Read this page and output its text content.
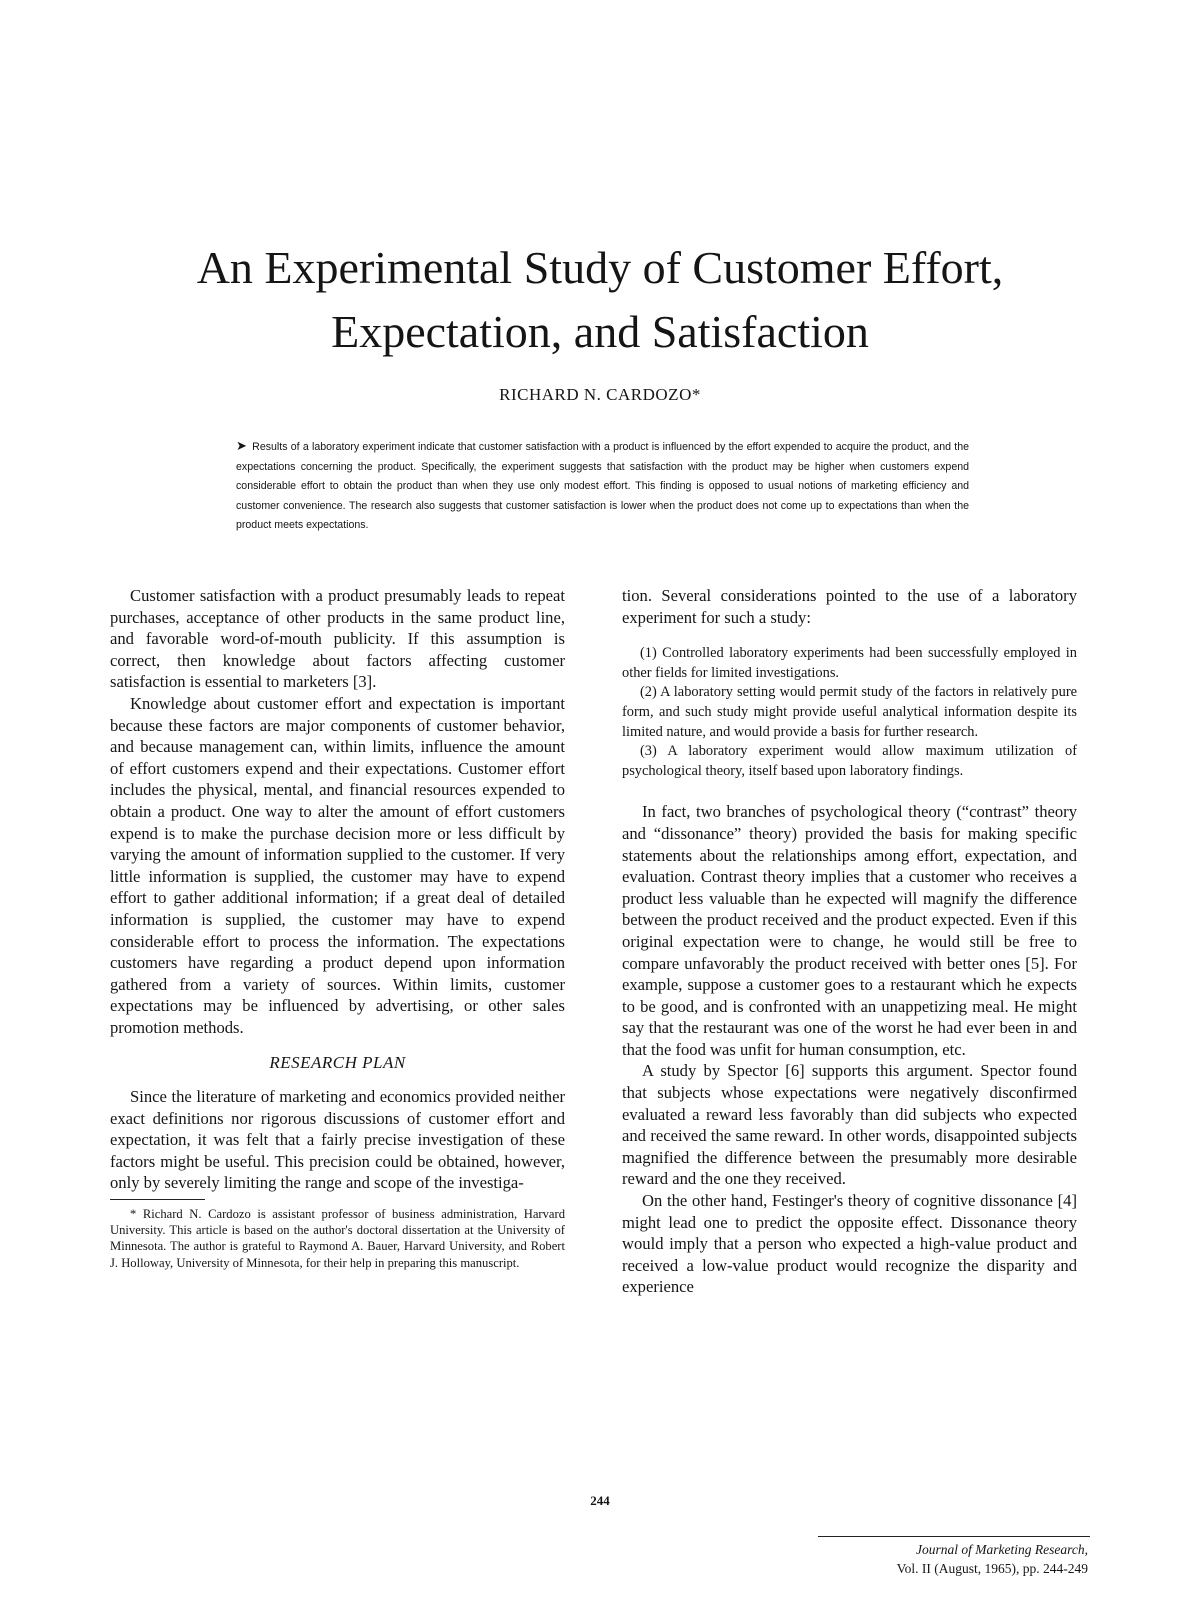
An Experimental Study of Customer Effort,
Expectation, and Satisfaction
RICHARD N. CARDOZO*

➤ Results of a laboratory experiment indicate that customer satisfaction with a product is influenced by the effort expended to acquire the product, and the expectations concerning the product. Specifically, the experiment suggests that satisfaction with the product may be higher when customers expend considerable effort to obtain the product than when they use only modest effort. This finding is opposed to usual notions of marketing efficiency and customer convenience. The research also suggests that customer satisfaction is lower when the product does not come up to expectations than when the product meets expectations.

Customer satisfaction with a product presumably leads to repeat purchases, acceptance of other products in the same product line, and favorable word-of-mouth publicity. If this assumption is correct, then knowledge about factors affecting customer satisfaction is essential to marketers [3].

Knowledge about customer effort and expectation is important because these factors are major components of customer behavior, and because management can, within limits, influence the amount of effort customers expend and their expectations. Customer effort includes the physical, mental, and financial resources expended to obtain a product. One way to alter the amount of effort customers expend is to make the purchase decision more or less difficult by varying the amount of information supplied to the customer. If very little information is supplied, the customer may have to expend effort to gather additional information; if a great deal of detailed information is supplied, the customer may have to expend considerable effort to process the information. The expectations customers have regarding a product depend upon information gathered from a variety of sources. Within limits, customer expectations may be influenced by advertising, or other sales promotion methods.

RESEARCH PLAN

Since the literature of marketing and economics provided neither exact definitions nor rigorous discussions of customer effort and expectation, it was felt that a fairly precise investigation of these factors might be useful. This precision could be obtained, however, only by severely limiting the range and scope of the investiga-

* Richard N. Cardozo is assistant professor of business administration, Harvard University. This article is based on the author's doctoral dissertation at the University of Minnesota. The author is grateful to Raymond A. Bauer, Harvard University, and Robert J. Holloway, University of Minnesota, for their help in preparing this manuscript.

tion. Several considerations pointed to the use of a laboratory experiment for such a study:

(1) Controlled laboratory experiments had been successfully employed in other fields for limited investigations.
(2) A laboratory setting would permit study of the factors in relatively pure form, and such study might provide useful analytical information despite its limited nature, and would provide a basis for further research.
(3) A laboratory experiment would allow maximum utilization of psychological theory, itself based upon laboratory findings.

In fact, two branches of psychological theory (“contrast” theory and “dissonance” theory) provided the basis for making specific statements about the relationships among effort, expectation, and evaluation. Contrast theory implies that a customer who receives a product less valuable than he expected will magnify the difference between the product received and the product expected. Even if this original expectation were to change, he would still be free to compare unfavorably the product received with better ones [5]. For example, suppose a customer goes to a restaurant which he expects to be good, and is confronted with an unappetizing meal. He might say that the restaurant was one of the worst he had ever been in and that the food was unfit for human consumption, etc.

A study by Spector [6] supports this argument. Spector found that subjects whose expectations were negatively disconfirmed evaluated a reward less favorably than did subjects who expected and received the same reward. In other words, disappointed subjects magnified the difference between the presumably more desirable reward and the one they received.

On the other hand, Festinger's theory of cognitive dissonance [4] might lead one to predict the opposite effect. Dissonance theory would imply that a person who expected a high-value product and received a low-value product would recognize the disparity and experience

244
Journal of Marketing Research,
Vol. II (August, 1965), pp. 244-249
